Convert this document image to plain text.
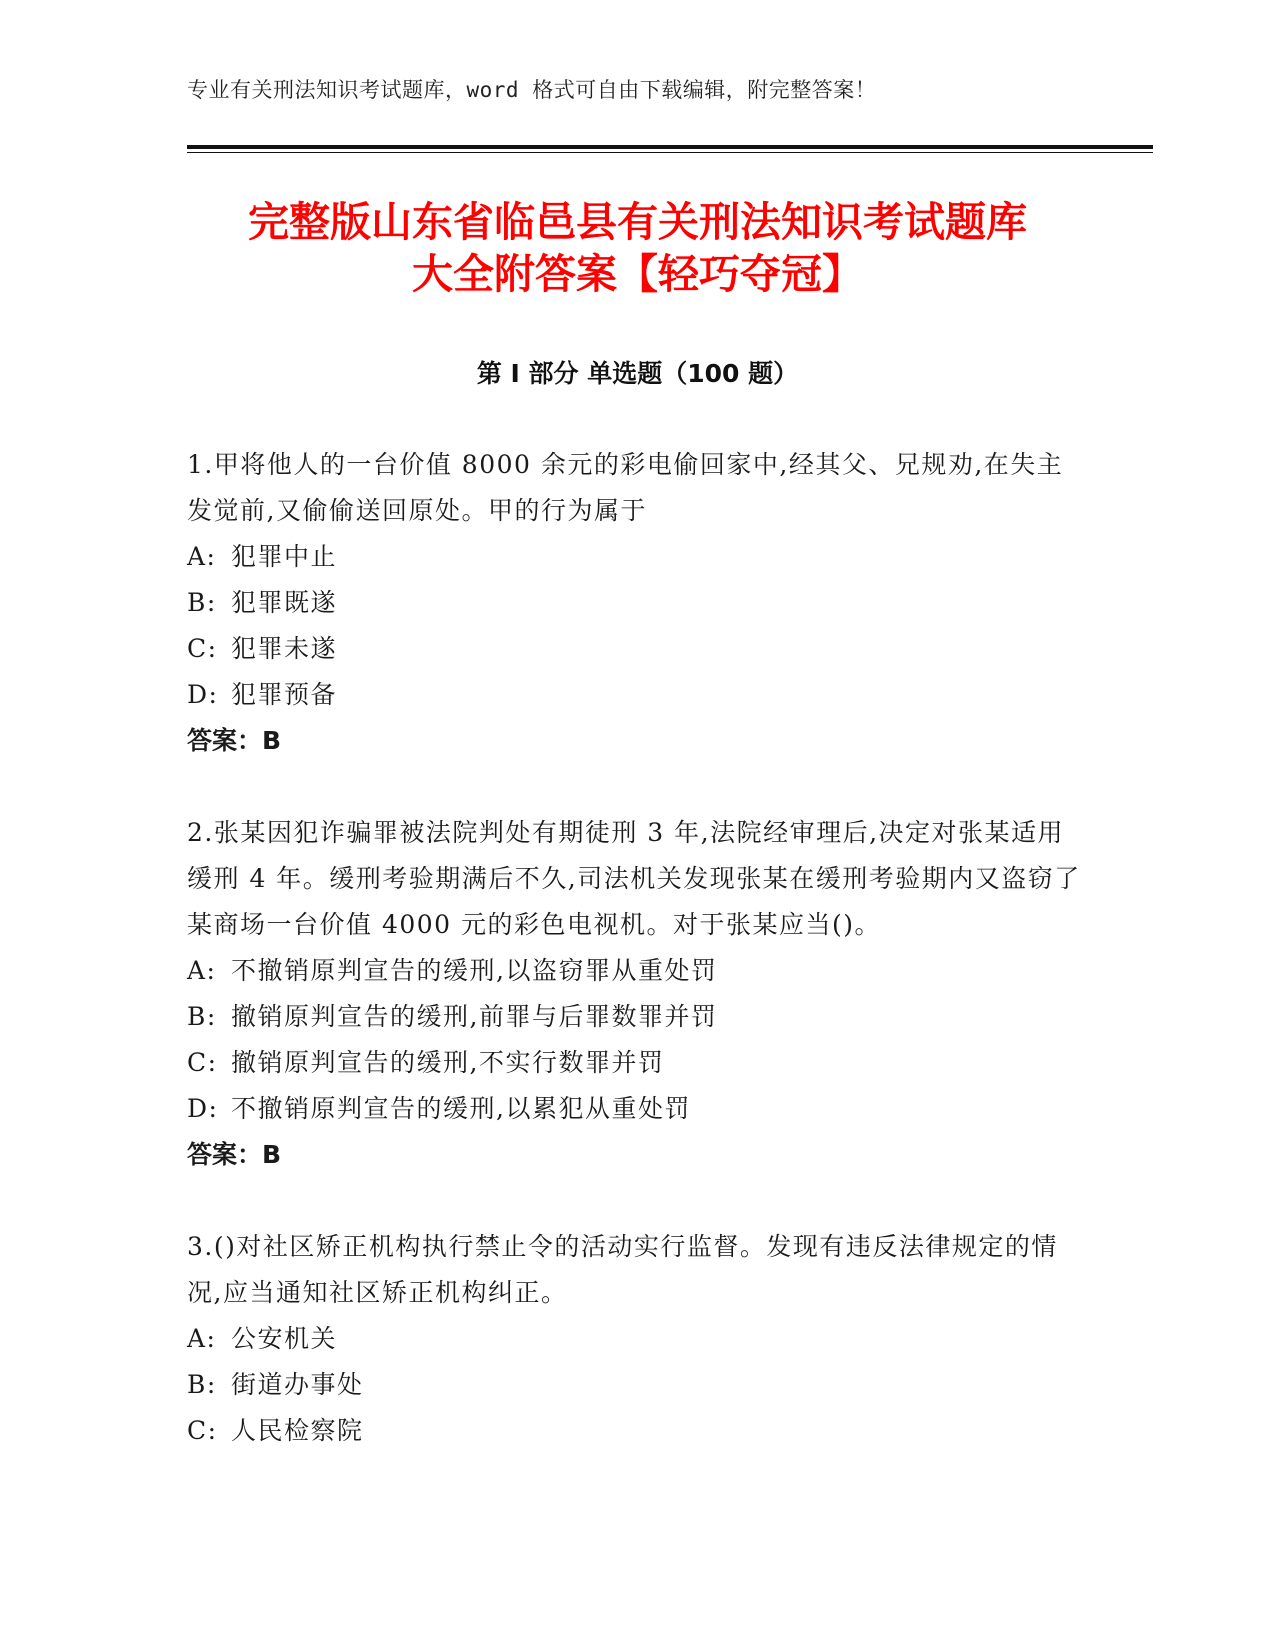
专业有关刑法知识考试题库，word 格式可自由下载编辑，附完整答案！
完整版山东省临邑县有关刑法知识考试题库
大全附答案【轻巧夺冠】
第 I 部分 单选题（100 题）

1.甲将他人的一台价值 8000 余元的彩电偷回家中,经其父、兄规劝,在失主发觉前,又偷偷送回原处。甲的行为属于

A: 犯罪中止

B: 犯罪既遂

C: 犯罪未遂

D: 犯罪预备

答案：B

2.张某因犯诈骗罪被法院判处有期徒刑 3 年,法院经审理后,决定对张某适用缓刑 4 年。缓刑考验期满后不久,司法机关发现张某在缓刑考验期内又盗窃了某商场一台价值 4000 元的彩色电视机。对于张某应当()。

A: 不撤销原判宣告的缓刑,以盗窃罪从重处罚

B: 撤销原判宣告的缓刑,前罪与后罪数罪并罚

C: 撤销原判宣告的缓刑,不实行数罪并罚

D: 不撤销原判宣告的缓刑,以累犯从重处罚

答案：B

3.()对社区矫正机构执行禁止令的活动实行监督。发现有违反法律规定的情况,应当通知社区矫正机构纠正。

A: 公安机关

B: 街道办事处

C: 人民检察院
